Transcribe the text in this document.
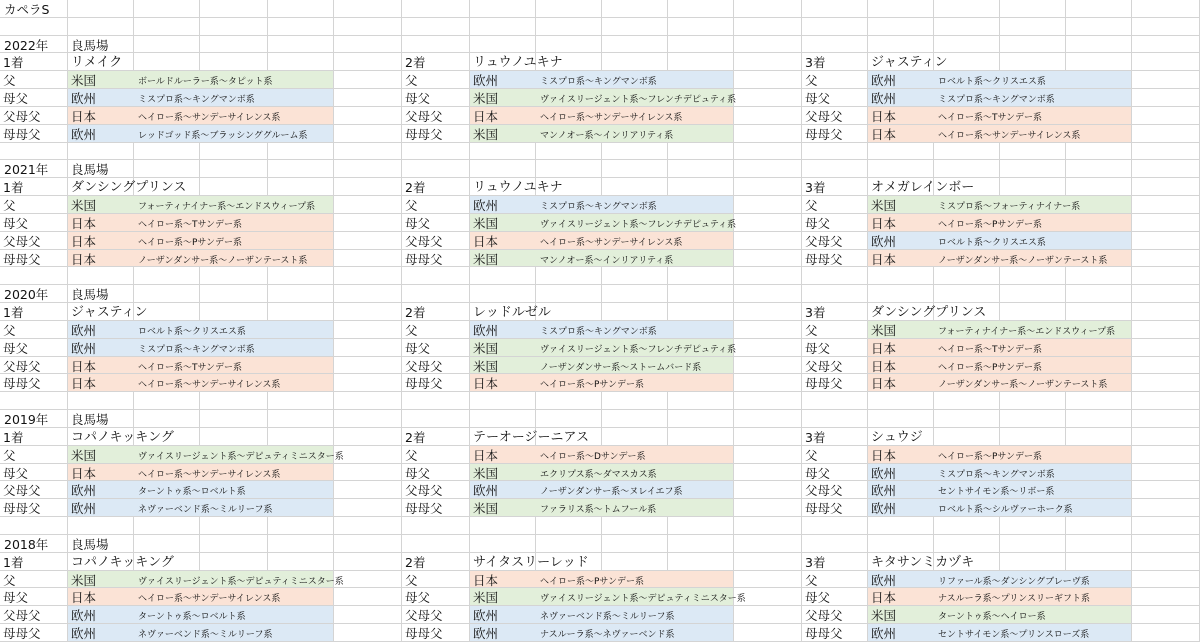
カペラS
2022年 良馬場
1着	リメイク
父	米国	ボールドルーラー系〜タピット系
母父	欧州	ミスプロ系〜キングマンボ系
父母父 日本	ヘイロー系〜サンデーサイレンス系
母母父 欧州	レッドゴッド系〜ブラッシンググルーム系
2着	リュウノユキナ
父	欧州	ミスプロ系〜キングマンボ系
母父	米国	ヴァイスリージェント系〜フレンチデピュティ系
父母父 日本	ヘイロー系〜サンデーサイレンス系
母母父 米国	マンノオー系〜インリアリティ系
3着	ジャスティン
父	欧州	ロベルト系〜クリスエス系
母父	欧州	ミスプロ系〜キングマンボ系
父母父 日本	ヘイロー系〜Tサンデー系
母母父 日本	ヘイロー系〜サンデーサイレンス系
2021年 良馬場
1着	ダンシングプリンス
父	米国	フォーティナイナー系〜エンドスウィープ系
母父	日本	ヘイロー系〜Tサンデー系
父母父 日本	ヘイロー系〜Pサンデー系
母母父 日本	ノーザンダンサー系〜ノーザンテースト系
2着	リュウノユキナ
父	欧州	ミスプロ系〜キングマンボ系
母父	米国	ヴァイスリージェント系〜フレンチデピュティ系
父母父 日本	ヘイロー系〜サンデーサイレンス系
母母父 米国	マンノオー系〜インリアリティ系
3着	オメガレインボー
父	米国	ミスプロ系〜フォーティナイナー系
母父	日本	ヘイロー系〜Pサンデー系
父母父 欧州	ロベルト系〜クリスエス系
母母父 日本	ノーザンダンサー系〜ノーザンテースト系
2020年 良馬場
1着	ジャスティン
父	欧州	ロベルト系〜クリスエス系
母父	欧州	ミスプロ系〜キングマンボ系
父母父 日本	ヘイロー系〜Tサンデー系
母母父 日本	ヘイロー系〜サンデーサイレンス系
2着	レッドルゼル
父	欧州	ミスプロ系〜キングマンボ系
母父	米国	ヴァイスリージェント系〜フレンチデピュティ系
父母父 米国	ノーザンダンサー系〜ストームバード系
母母父 日本	ヘイロー系〜Pサンデー系
3着	ダンシングプリンス
父	米国	フォーティナイナー系〜エンドスウィープ系
母父	日本	ヘイロー系〜Tサンデー系
父母父 日本	ヘイロー系〜Pサンデー系
母母父 日本	ノーザンダンサー系〜ノーザンテースト系
2019年 良馬場
1着	コパノキッキング
父	米国	ヴァイスリージェント系〜デピュティミニスター系
母父	日本	ヘイロー系〜サンデーサイレンス系
父母父 欧州	ターントゥ系〜ロベルト系
母母父 欧州	ネヴァーベンド系〜ミルリーフ系
2着	テーオージーニアス
父	日本	ヘイロー系〜Dサンデー系
母父	米国	エクリプス系〜ダマスカス系
父母父 欧州	ノーザンダンサー系〜ヌレイエフ系
母母父 米国	ファラリス系〜トムフール系
3着	シュウジ
父	日本	ヘイロー系〜Pサンデー系
母父	欧州	ミスプロ系〜キングマンボ系
父母父 欧州	セントサイモン系〜リボー系
母母父 欧州	ロベルト系〜シルヴァーホーク系
2018年 良馬場
1着	コパノキッキング
父	米国	ヴァイスリージェント系〜デピュティミニスター系
母父	日本	ヘイロー系〜サンデーサイレンス系
父母父 欧州	ターントゥ系〜ロベルト系
母母父 欧州	ネヴァーベンド系〜ミルリーフ系
2着	サイタスリーレッド
父	日本	ヘイロー系〜Pサンデー系
母父	米国	ヴァイスリージェント系〜デピュティミニスター系
父母父 欧州	ネヴァーベンド系〜ミルリーフ系
母母父 欧州	ナスルーラ系〜ネヴァーベンド系
3着	キタサンミカヅキ
父	欧州	リファール系〜ダンシングブレーヴ系
母父	日本	ナスルーラ系〜プリンスリーギフト系
父母父 米国	ターントゥ系〜ヘイロー系
母母父 欧州	セントサイモン系〜プリンスローズ系
